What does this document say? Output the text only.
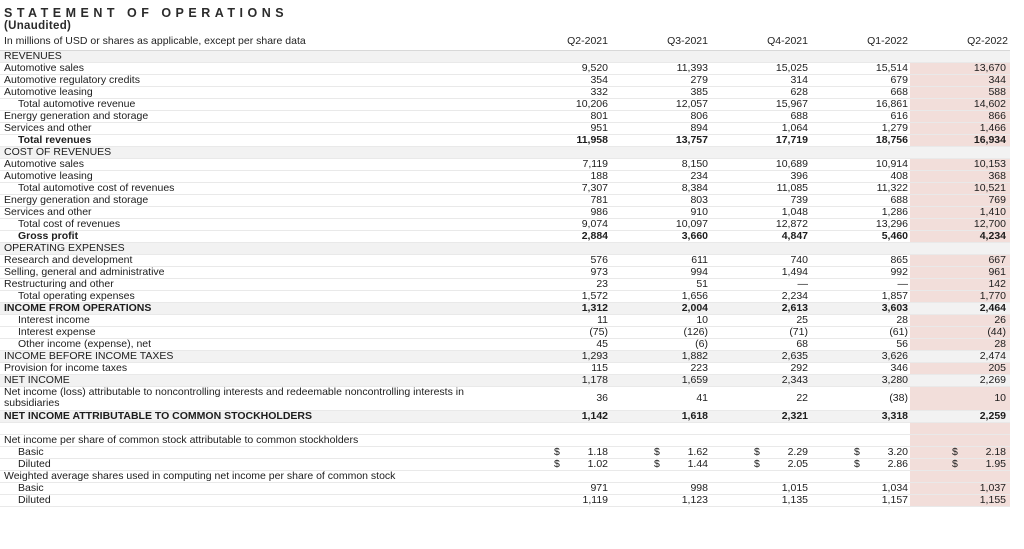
STATEMENT OF OPERATIONS
(Unaudited)
In millions of USD or shares as applicable, except per share data	Q2-2021	Q3-2021	Q4-2021	Q1-2022	Q2-2022
REVENUES					
Automotive sales	9,520	11,393	15,025	15,514	13,670
Automotive regulatory credits	354	279	314	679	344
Automotive leasing	332	385	628	668	588
Total automotive revenue	10,206	12,057	15,967	16,861	14,602
Energy generation and storage	801	806	688	616	866
Services and other	951	894	1,064	1,279	1,466
Total revenues	11,958	13,757	17,719	18,756	16,934
COST OF REVENUES					
Automotive sales	7,119	8,150	10,689	10,914	10,153
Automotive leasing	188	234	396	408	368
Total automotive cost of revenues	7,307	8,384	11,085	11,322	10,521
Energy generation and storage	781	803	739	688	769
Services and other	986	910	1,048	1,286	1,410
Total cost of revenues	9,074	10,097	12,872	13,296	12,700
Gross profit	2,884	3,660	4,847	5,460	4,234
OPERATING EXPENSES					
Research and development	576	611	740	865	667
Selling, general and administrative	973	994	1,494	992	961
Restructuring and other	23	51	—	—	142
Total operating expenses	1,572	1,656	2,234	1,857	1,770
INCOME FROM OPERATIONS	1,312	2,004	2,613	3,603	2,464
Interest income	11	10	25	28	26
Interest expense	(75)	(126)	(71)	(61)	(44)
Other income (expense), net	45	(6)	68	56	28
INCOME BEFORE INCOME TAXES	1,293	1,882	2,635	3,626	2,474
Provision for income taxes	115	223	292	346	205
NET INCOME	1,178	1,659	2,343	3,280	2,269
Net income (loss) attributable to noncontrolling interests and redeemable noncontrolling interests in subsidiaries	36	41	22	(38)	10
NET INCOME ATTRIBUTABLE TO COMMON STOCKHOLDERS	1,142	1,618	2,321	3,318	2,259

Net income per share of common stock attributable to common stockholders					
Basic	$ 1.18	$ 1.62	$ 2.29	$ 3.20	$ 2.18

Diluted	$ 1.02	$ 1.44	$ 2.05	$ 2.86	$ 1.95

Weighted average shares used in computing net income per share of common stock					
Basic	971	998	1,015	1,034	1,037
Diluted	1,119	1,123	1,135	1,157	1,155
